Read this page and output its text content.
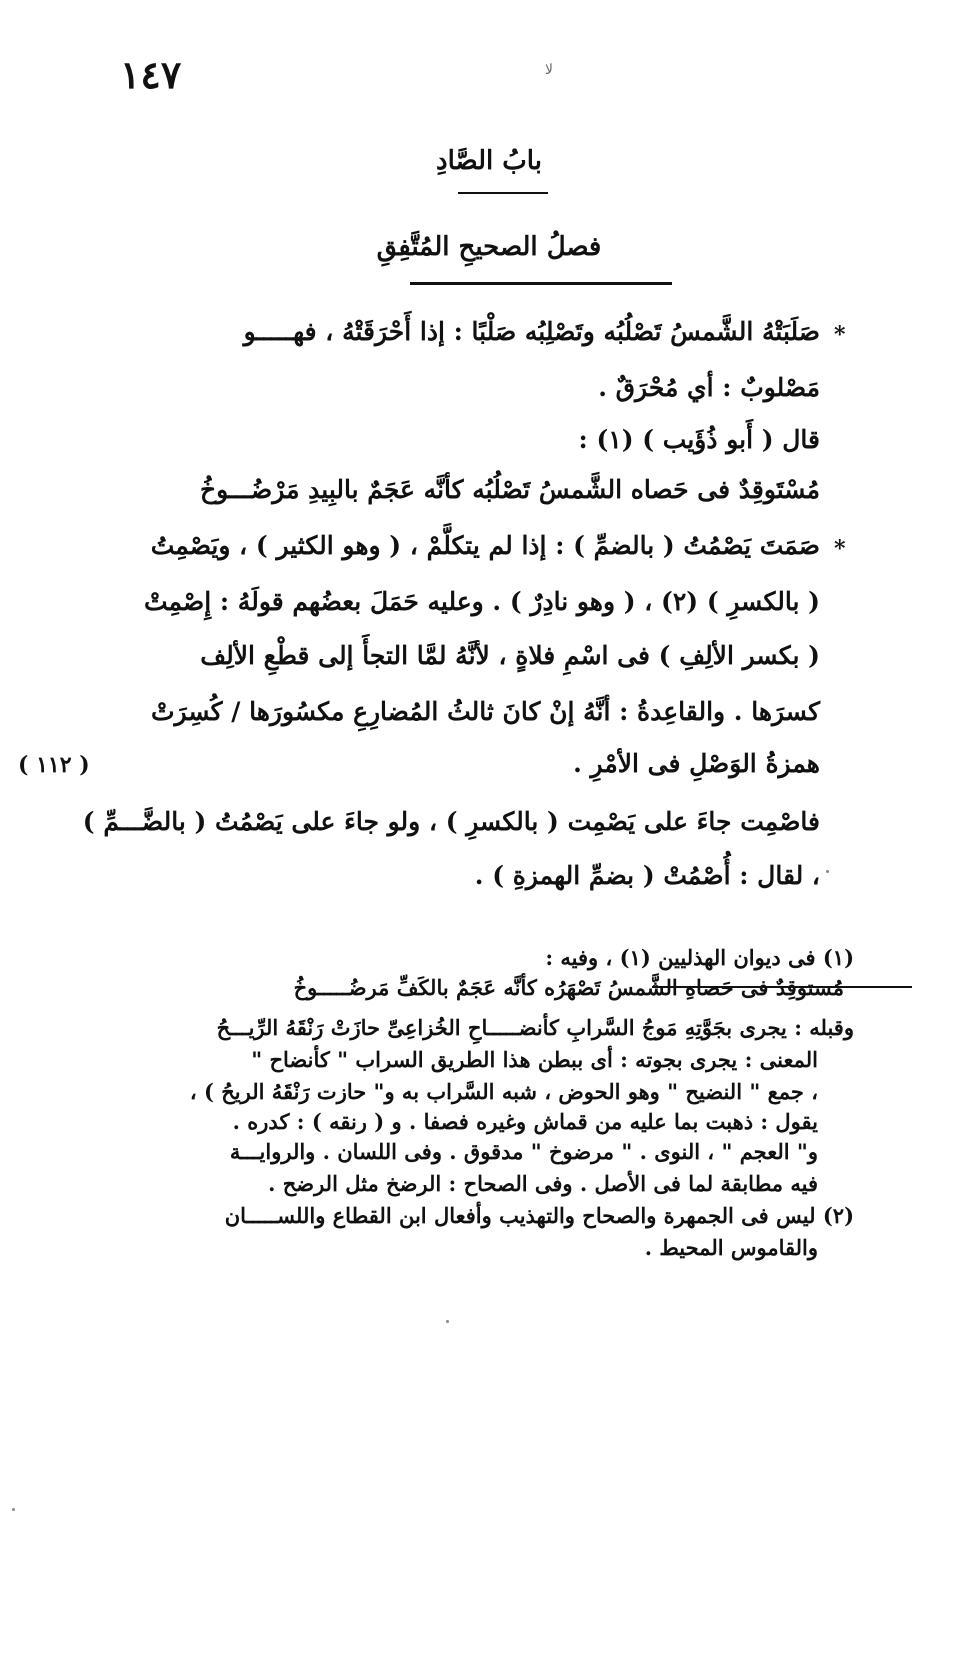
١٤٧	ﻻ
بابُ الصَّادِ
فصلُ الصحيحِ المُتَّفِقِ
*
*
صَلَبَتْهُ الشَّمسُ تَصْلُبُه وتَصْلِبُه صَلْبًا : إذا أَحْرَقَتْهُ ، فهـــــو
مَصْلوبٌ : أي مُحْرَقٌ .
قال ( أَبو ذُؤَيب ) (١) :
مُسْتَوقِدٌ فى حَصاه الشَّمسُ تَصْلُبُه كأنَّه عَجَمٌ بالبِيدِ مَرْضُـــوخُ
صَمَتَ يَصْمُتُ ( بالضمِّ ) : إذا لم يتكلَّمْ ، ( وهو الكثير ) ، ويَصْمِتُ
( بالكسرِ ) (٢) ، ( وهو نادِرٌ ) . وعليه حَمَلَ بعضُهم قولَهُ : إِصْمِتْ
( بكسر الألِفِ ) فى اسْمِ فلاةٍ ، لأنَّهُ لمَّا التجأَ إلى قطْعِ الألِف
كسرَها . والقاعِدةُ : أنَّهُ إنْ كانَ ثالثُ المُضارِعِ مكسُورَها / كُسِرَتْ
همزةُ الوَصْلِ فى الأمْرِ .
فاصْمِت جاءَ على يَصْمِت ( بالكسرِ ) ، ولو جاءَ على يَصْمُتُ ( بالضَّـــمِّ )
، لقال : أُصْمُتْ ( بضمِّ الهمزةِ ) .
( ١١٢ )
(١) فى ديوان الهذليين (١) ، وفيه :
مُستوقِدٌ فى حَصاهِ الشَّمسُ تَصْهَرُه كأنَّه عَجَمٌ بالكَفِّ مَرضُـــــوخُ
وقبله : يجرى بجَوَّتِهِ مَوجُ السَّرابِ كأنضـــــاحِ الخُزاعِىِّ حازَتْ رَنْقَهُ الرِّيـــحُ
المعنى : يجرى بجوته : أى ببطن هذا الطريق السراب " كأنضاح "
، جمع " النضيح " وهو الحوض ، شبه السَّراب به و" حازت رَنْقَهُ الريحُ ) ،
يقول : ذهبت بما عليه من قماش وغيره فصفا . و ( رنقه ) : كدره .
و" العجم " ، النوى . " مرضوخ " مدقوق . وفى اللسان . والروايـــة
فيه مطابقة لما فى الأصل . وفى الصحاح : الرضخ مثل الرضح .
(٢) ليس فى الجمهرة والصحاح والتهذيب وأفعال ابن القطاع واللســـــان
والقاموس المحيط .
